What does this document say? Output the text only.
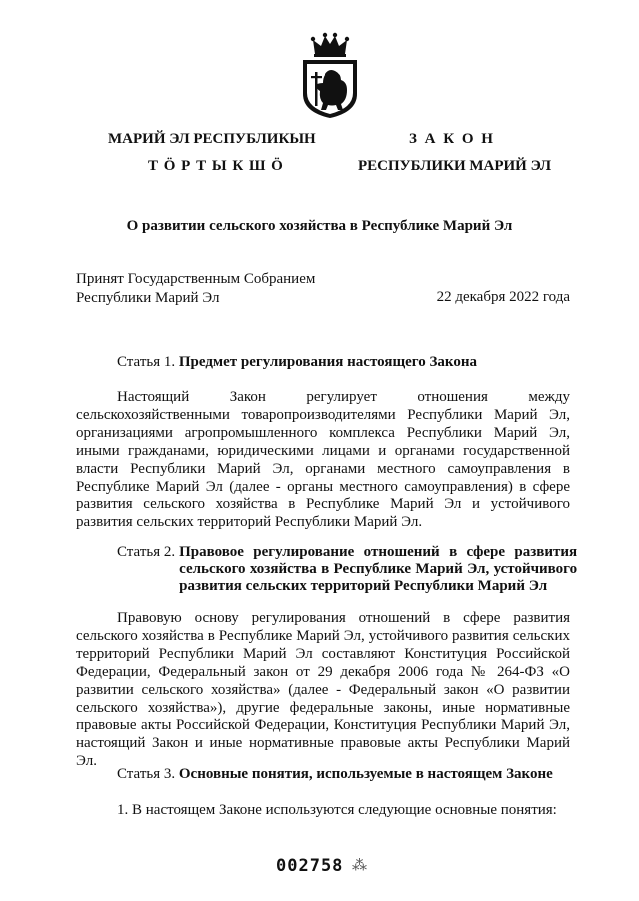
МАРИЙ ЭЛ РЕСПУБЛИКЫН
Т Ӧ Р Т Ы К Ш Ӧ
З А К О Н
РЕСПУБЛИКИ МАРИЙ ЭЛ
О развитии сельского хозяйства в Республике Марий Эл
Принят Государственным Собранием
Республики Марий Эл	22 декабря 2022 года
Статья 1. Предмет регулирования настоящего Закона

Настоящий Закон регулирует отношения между сельскохозяйственными товаропроизводителями Республики Марий Эл, организациями агропромышленного комплекса Республики Марий Эл, иными гражданами, юридическими лицами и органами государственной власти Республики Марий Эл, органами местного самоуправления в Республике Марий Эл (далее - органы местного самоуправления) в сфере развития сельского хозяйства в Республике Марий Эл и устойчивого развития сельских территорий Республики Марий Эл.

Статья 2. Правовое регулирование отношений в сфере развития сельского хозяйства в Республике Марий Эл, устойчивого развития сельских территорий Республики Марий Эл

Правовую основу регулирования отношений в сфере развития сельского хозяйства в Республике Марий Эл, устойчивого развития сельских территорий Республики Марий Эл составляют Конституция Российской Федерации, Федеральный закон от 29 декабря 2006 года № 264-ФЗ «О развитии сельского хозяйства» (далее - Федеральный закон «О развитии сельского хозяйства»), другие федеральные законы, иные нормативные правовые акты Российской Федерации, Конституция Республики Марий Эл, настоящий Закон и иные нормативные правовые акты Республики Марий Эл.

Статья 3. Основные понятия, используемые в настоящем Законе
1. В настоящем Законе используются следующие основные понятия:
002758 ⁂
